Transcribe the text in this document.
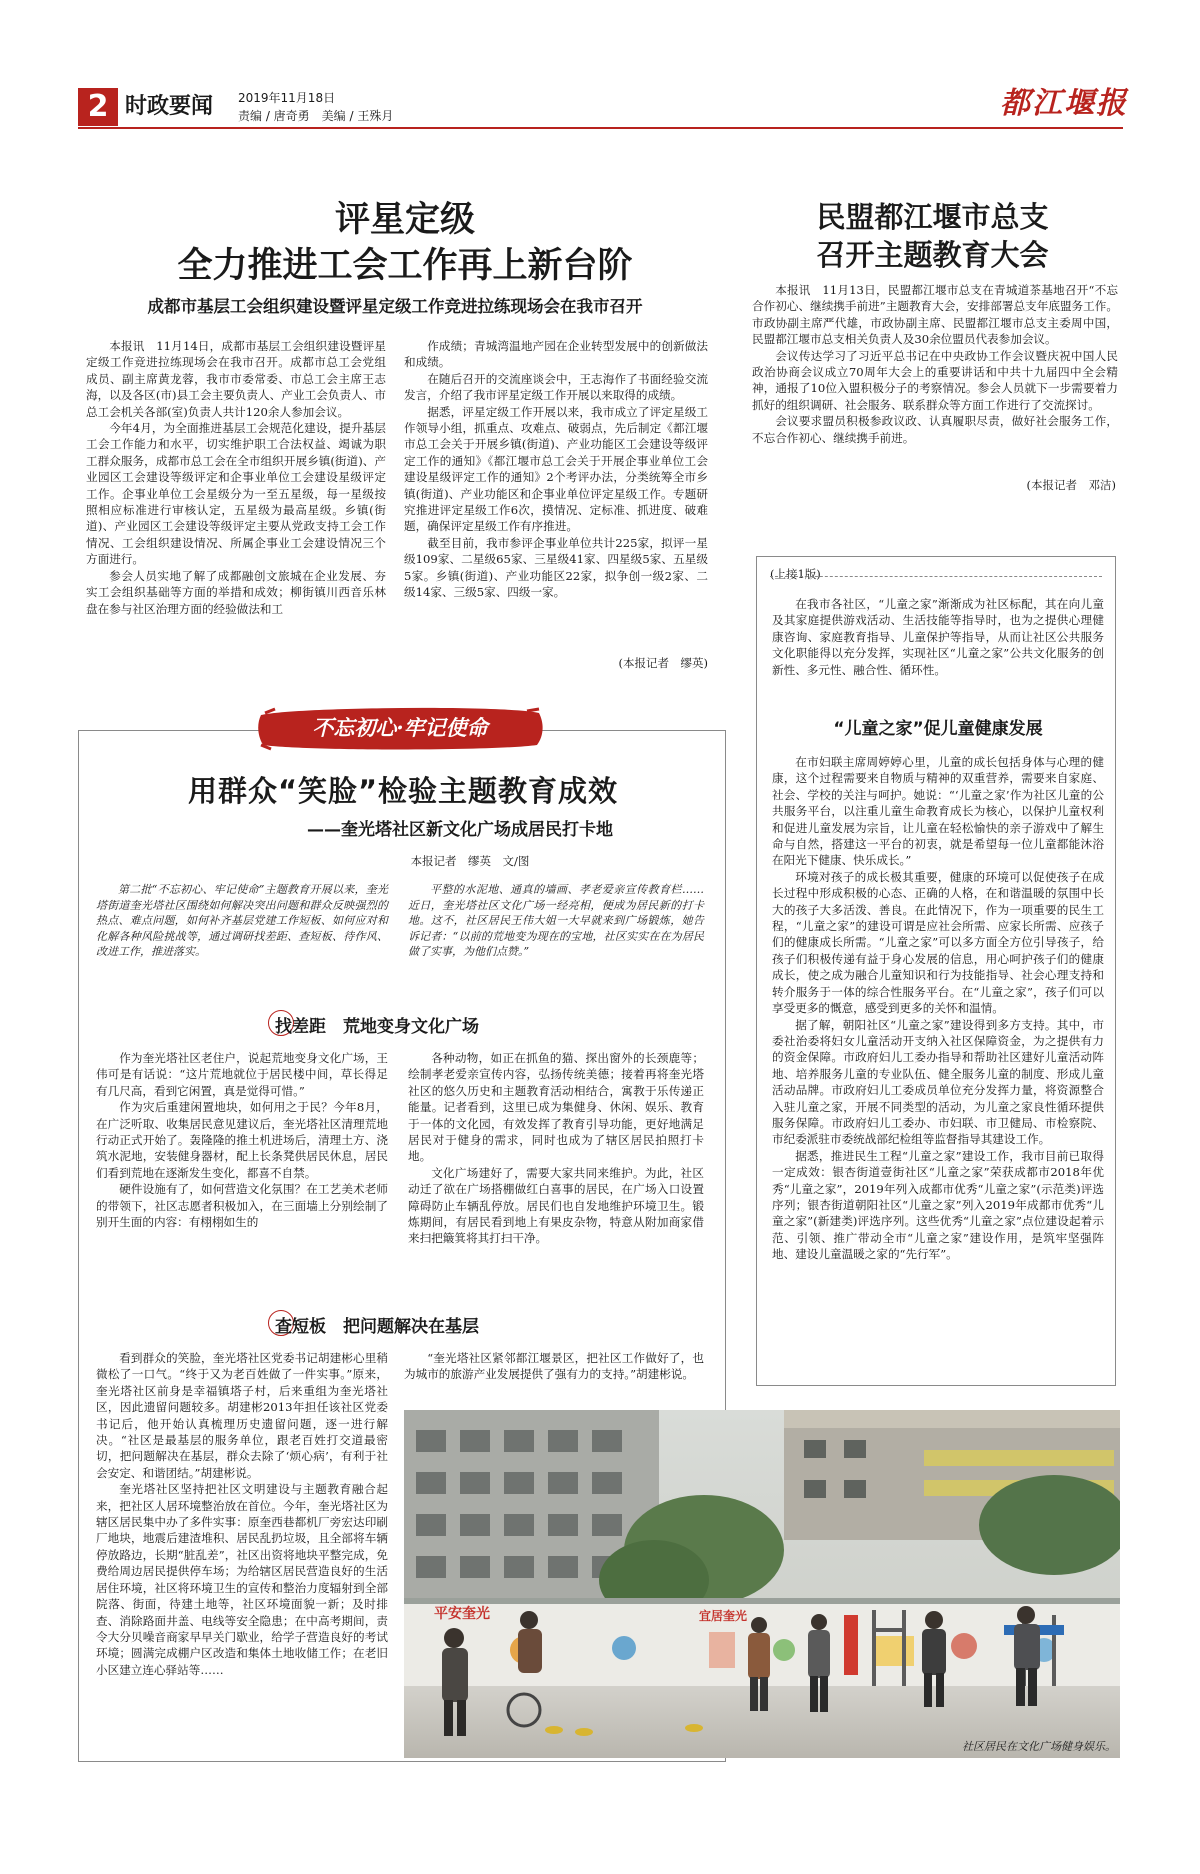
2 时政要闻 2019年11月18日
责编 / 唐奇勇　美编 / 王殊月	都江堰报
评星定级
全力推进工会工作再上新台阶
成都市基层工会组织建设暨评星定级工作竞进拉练现场会在我市召开

本报讯　11月14日，成都市基层工会组织建设暨评星定级工作竞进拉练现场会在我市召开。成都市总工会党组成员、副主席黄龙蓉，我市市委常委、市总工会主席王志海，以及各区(市)县工会主要负责人、产业工会负责人、市总工会机关各部(室)负责人共计120余人参加会议。

今年4月，为全面推进基层工会规范化建设，提升基层工会工作能力和水平，切实维护职工合法权益、竭诚为职工群众服务，成都市总工会在全市组织开展乡镇(街道)、产业园区工会建设等级评定和企事业单位工会建设星级评定工作。企事业单位工会星级分为一至五星级，每一星级按照相应标准进行审核认定，五星级为最高星级。乡镇(街道)、产业园区工会建设等级评定主要从党政支持工会工作情况、工会组织建设情况、所属企事业工会建设情况三个方面进行。

参会人员实地了解了成都融创文旅城在企业发展、夯实工会组织基础等方面的举措和成效；柳街镇川西音乐林盘在参与社区治理方面的经验做法和工

作成绩；青城湾温地产园在企业转型发展中的创新做法和成绩。

在随后召开的交流座谈会中，王志海作了书面经验交流发言，介绍了我市评星定级工作开展以来取得的成绩。

据悉，评星定级工作开展以来，我市成立了评定星级工作领导小组，抓重点、攻难点、破弱点，先后制定《都江堰市总工会关于开展乡镇(街道)、产业功能区工会建设等级评定工作的通知》《都江堰市总工会关于开展企事业单位工会建设星级评定工作的通知》2个考评办法，分类统筹全市乡镇(街道)、产业功能区和企事业单位评定星级工作。专题研究推进评定星级工作6次，摸情况、定标准、抓进度、破难题，确保评定星级工作有序推进。

截至目前，我市参评企事业单位共计225家，拟评一星级109家、二星级65家、三星级41家、四星级5家、五星级5家。乡镇(街道)、产业功能区22家，拟争创一级2家、二级14家、三级5家、四级一家。

(本报记者　缪英)
民盟都江堰市总支
召开主题教育大会

本报讯　11月13日，民盟都江堰市总支在青城道茶基地召开“不忘合作初心、继续携手前进”主题教育大会，安排部署总支年底盟务工作。市政协副主席严代雄，市政协副主席、民盟都江堰市总支主委周中国，民盟都江堰市总支相关负责人及30余位盟员代表参加会议。

会议传达学习了习近平总书记在中央政协工作会议暨庆祝中国人民政治协商会议成立70周年大会上的重要讲话和中共十九届四中全会精神，通报了10位入盟积极分子的考察情况。参会人员就下一步需要着力抓好的组织调研、社会服务、联系群众等方面工作进行了交流探讨。

会议要求盟员积极参政议政、认真履职尽责，做好社会服务工作，不忘合作初心、继续携手前进。

(本报记者　邓洁)
(上接1版)

在我市各社区，“儿童之家”渐渐成为社区标配，其在向儿童及其家庭提供游戏活动、生活技能等指导时，也为之提供心理健康咨询、家庭教育指导、儿童保护等指导，从而让社区公共服务文化职能得以充分发挥，实现社区“儿童之家”公共文化服务的创新性、多元性、融合性、循环性。

“儿童之家”促儿童健康发展

在市妇联主席周婷婷心里，儿童的成长包括身体与心理的健康，这个过程需要来自物质与精神的双重营养，需要来自家庭、社会、学校的关注与呵护。她说：“‘儿童之家’作为社区儿童的公共服务平台，以注重儿童生命教育成长为核心，以保护儿童权利和促进儿童发展为宗旨，让儿童在轻松愉快的亲子游戏中了解生命与自然，搭建这一平台的初衷，就是希望每一位儿童都能沐浴在阳光下健康、快乐成长。”

环境对孩子的成长极其重要，健康的环境可以促使孩子在成长过程中形成积极的心态、正确的人格，在和谐温暖的氛围中长大的孩子大多活泼、善良。在此情况下，作为一项重要的民生工程，“儿童之家”的建设可谓是应社会所需、应家长所需、应孩子们的健康成长所需。“儿童之家”可以多方面全方位引导孩子，给孩子们积极传递有益于身心发展的信息，用心呵护孩子们的健康成长，使之成为融合儿童知识和行为技能指导、社会心理支持和转介服务于一体的综合性服务平台。在“儿童之家”，孩子们可以享受更多的慨意，感受到更多的关怀和温情。

据了解，朝阳社区“儿童之家”建设得到多方支持。其中，市委社治委将妇女儿童活动开支纳入社区保障资金，为之提供有力的资金保障。市政府妇儿工委办指导和帮助社区建好儿童活动阵地、培养服务儿童的专业队伍、健全服务儿童的制度、形成儿童活动品牌。市政府妇儿工委成员单位充分发挥力量，将资源整合入驻儿童之家，开展不同类型的活动，为儿童之家良性循环提供服务保障。市政府妇儿工委办、市妇联、市卫健局、市检察院、市纪委派驻市委统战部纪检组等监督指导其建设工作。

据悉，推进民生工程“儿童之家”建设工作，我市目前已取得一定成效：银杏街道壹街社区“儿童之家”荣获成都市2018年优秀“儿童之家”，2019年列入成都市优秀“儿童之家”(示范类)评选序列；银杏街道朝阳社区“儿童之家”列入2019年成都市优秀“儿童之家”(新建类)评选序列。这些优秀“儿童之家”点位建设起着示范、引领、推广带动全市“儿童之家”建设作用，是筑牢坚强阵地、建设儿童温暖之家的“先行军”。

不忘初心·牢记使命
用群众“笑脸”检验主题教育成效
——奎光塔社区新文化广场成居民打卡地
本报记者　缪英　文/图

第二批“不忘初心、牢记使命”主题教育开展以来，奎光塔街道奎光塔社区围绕如何解决突出问题和群众反映强烈的热点、难点问题，如何补齐基层党建工作短板、如何应对和化解各种风险挑战等，通过调研找差距、查短板、待作风、改进工作，推进落实。

平整的水泥地、通真的墙画、孝老爱亲宣传教育栏……近日，奎光塔社区文化广场一经亮相，便成为居民新的打卡地。这不，社区居民王伟大姐一大早就来到广场锻炼，她告诉记者：“以前的荒地变为现在的宝地，社区实实在在为居民做了实事，为他们点赞。”

找差距　荒地变身文化广场

作为奎光塔社区老住户，说起荒地变身文化广场，王伟可是有话说：“这片荒地就位于居民楼中间，草长得足有几尺高，看到它闲置，真是觉得可惜。”

作为灾后重建闲置地块，如何用之于民？今年8月，在广泛听取、收集居民意见建议后，奎光塔社区清理荒地行动正式开始了。轰隆隆的推土机进场后，清理土方、浇筑水泥地，安装健身器材，配上长条凳供居民休息，居民们看到荒地在逐渐发生变化，都喜不自禁。

硬件设施有了，如何营造文化氛围？在工艺美术老师的带领下，社区志愿者积极加入，在三面墙上分别绘制了别开生面的内容：有栩栩如生的

各种动物，如正在抓鱼的猫、探出窗外的长颈鹿等；绘制孝老爱亲宣传内容，弘扬传统美德；接着再将奎光塔社区的悠久历史和主题教育活动相结合，寓教于乐传递正能量。记者看到，这里已成为集健身、休闲、娱乐、教育于一体的文化园，有效发挥了教育引导功能，更好地满足居民对于健身的需求，同时也成为了辖区居民拍照打卡地。

文化广场建好了，需要大家共同来维护。为此，社区动迁了欲在广场搭棚做红白喜事的居民，在广场入口设置障碍防止车辆乱停放。居民们也自发地维护环境卫生。锻炼期间，有居民看到地上有果皮杂物，特意从附加商家借来扫把簸箕将其打扫干净。

查短板　把问题解决在基层

看到群众的笑脸，奎光塔社区党委书记胡建彬心里稍微松了一口气。“终于又为老百姓做了一件实事。”原来，奎光塔社区前身是幸福镇塔子村，后来重组为奎光塔社区，因此遗留问题较多。胡建彬2013年担任该社区党委书记后，他开始认真梳理历史遗留问题，逐一进行解决。“社区是最基层的服务单位，跟老百姓打交道最密切，把问题解决在基层，群众去除了‘烦心病’，有利于社会安定、和谐团结。”胡建彬说。

奎光塔社区坚持把社区文明建设与主题教育融合起来，把社区人居环境整治放在首位。今年，奎光塔社区为辖区居民集中办了多件实事：原奎西巷都机厂旁宏达印刷厂地块，地震后建渣堆积、居民乱扔垃圾，且全部将车辆停放路边，长期“脏乱差”，社区出资将地块平整完成，免费给周边居民提供停车场；为给辖区居民营造良好的生活居住环境，社区将环境卫生的宣传和整治力度辐射到全部院落、街面，待建土地等，社区环境面貌一新；及时排查、消除路面井盖、电线等安全隐患；在中高考期间，责令大分贝噪音商家早早关门歇业，给学子营造良好的考试环境；圆满完成棚户区改造和集体土地收储工作；在老旧小区建立连心驿站等……

“奎光塔社区紧邻都江堰景区，把社区工作做好了，也为城市的旅游产业发展提供了强有力的支持。”胡建彬说。

平安奎光	宜居奎光
社区居民在文化广场健身娱乐。
